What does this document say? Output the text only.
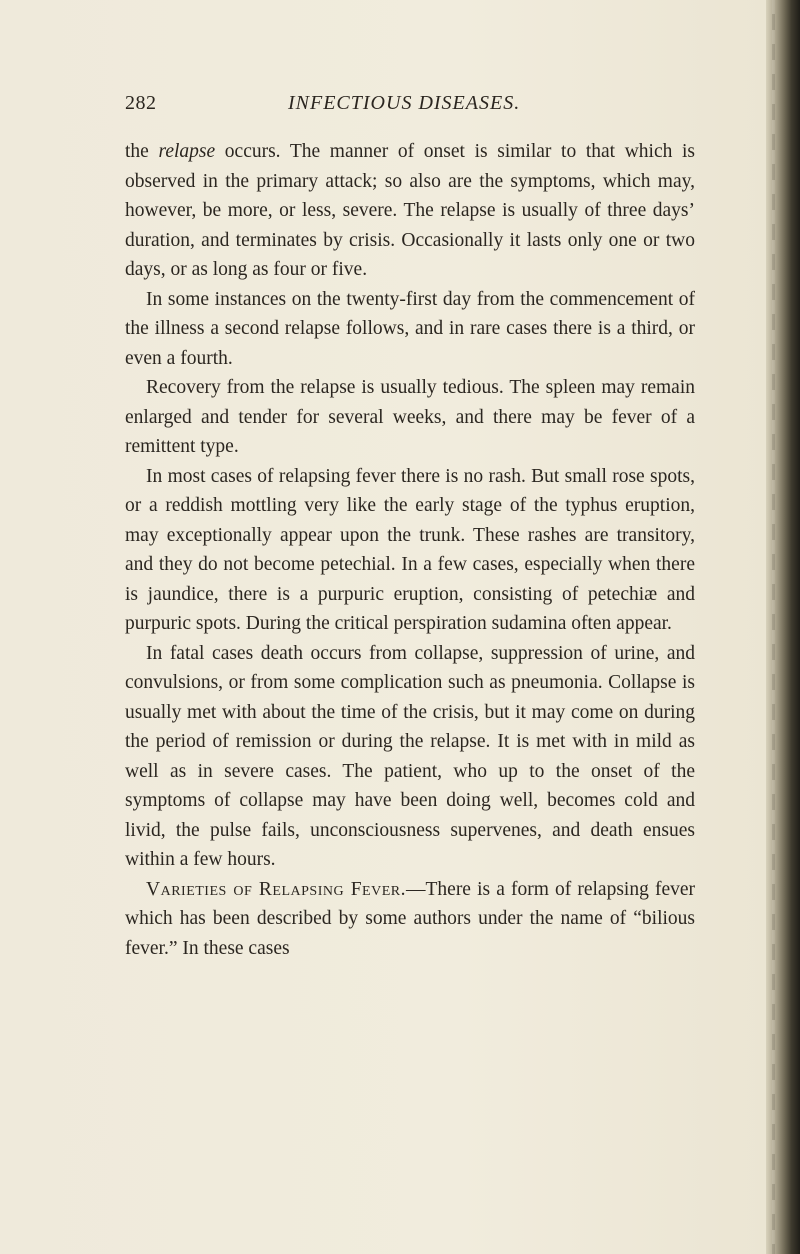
282	INFECTIOUS DISEASES.

the relapse occurs. The manner of onset is similar to that which is observed in the primary attack; so also are the symptoms, which may, however, be more, or less, severe. The relapse is usually of three days’ duration, and terminates by crisis. Occasionally it lasts only one or two days, or as long as four or five.

In some instances on the twenty-first day from the commencement of the illness a second relapse follows, and in rare cases there is a third, or even a fourth.

Recovery from the relapse is usually tedious. The spleen may remain enlarged and tender for several weeks, and there may be fever of a remittent type.

In most cases of relapsing fever there is no rash. But small rose spots, or a reddish mottling very like the early stage of the typhus eruption, may exceptionally appear upon the trunk. These rashes are transitory, and they do not become petechial. In a few cases, especially when there is jaundice, there is a purpuric eruption, consisting of petechiæ and purpuric spots. During the critical perspiration sudamina often appear.

In fatal cases death occurs from collapse, suppression of urine, and convulsions, or from some complication such as pneumonia. Collapse is usually met with about the time of the crisis, but it may come on during the period of remission or during the relapse. It is met with in mild as well as in severe cases. The patient, who up to the onset of the symptoms of collapse may have been doing well, becomes cold and livid, the pulse fails, unconsciousness supervenes, and death ensues within a few hours.

Varieties of Relapsing Fever.—There is a form of relapsing fever which has been described by some authors under the name of “bilious fever.” In these cases
